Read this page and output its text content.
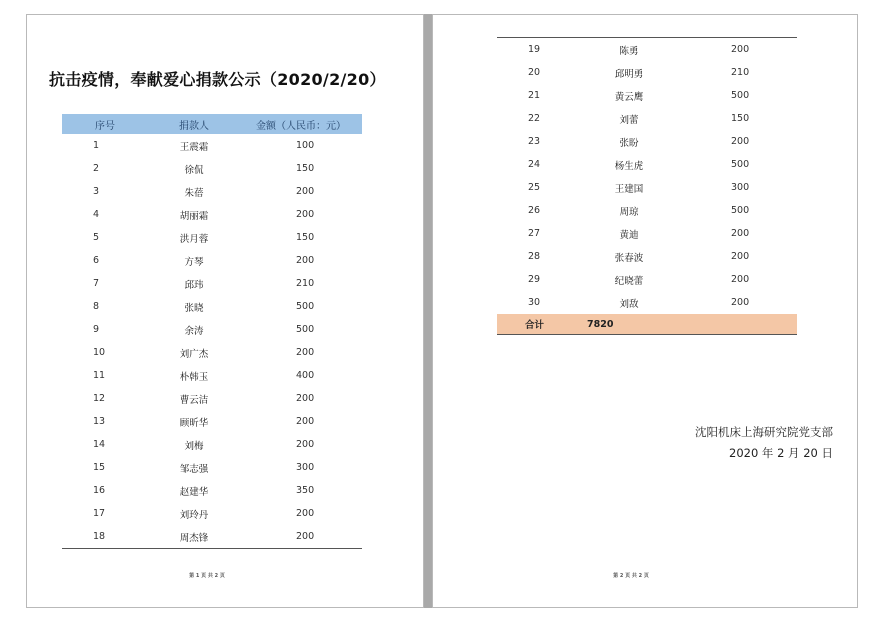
抗击疫情，奉献爱心捐款公示（2020/2/20）
序号	捐款人	金额（人民币：元）
1	王震霜	100
2	徐侃	150
3	朱蓓	200
4	胡丽霜	200
5	洪月蓉	150
6	方琴	200
7	邱玮	210
8	张晓	500
9	余涛	500
10	刘广杰	200
11	朴韩玉	400
12	曹云洁	200
13	顾昕华	200
14	刘梅	200
15	邹志强	300
16	赵建华	350
17	刘玲丹	200
18	周杰锋	200
第 1 页 共 2 页
19	陈勇	200
20	邱明勇	210
21	黄云鹰	500
22	刘蕾	150
23	张盼	200
24	杨生虎	500
25	王建国	300
26	周琼	500
27	黄迪	200
28	张春波	200
29	纪晓蕾	200
30	刘敌	200
合计	7820	
沈阳机床上海研究院党支部
2020 年 2 月 20 日
第 2 页 共 2 页
